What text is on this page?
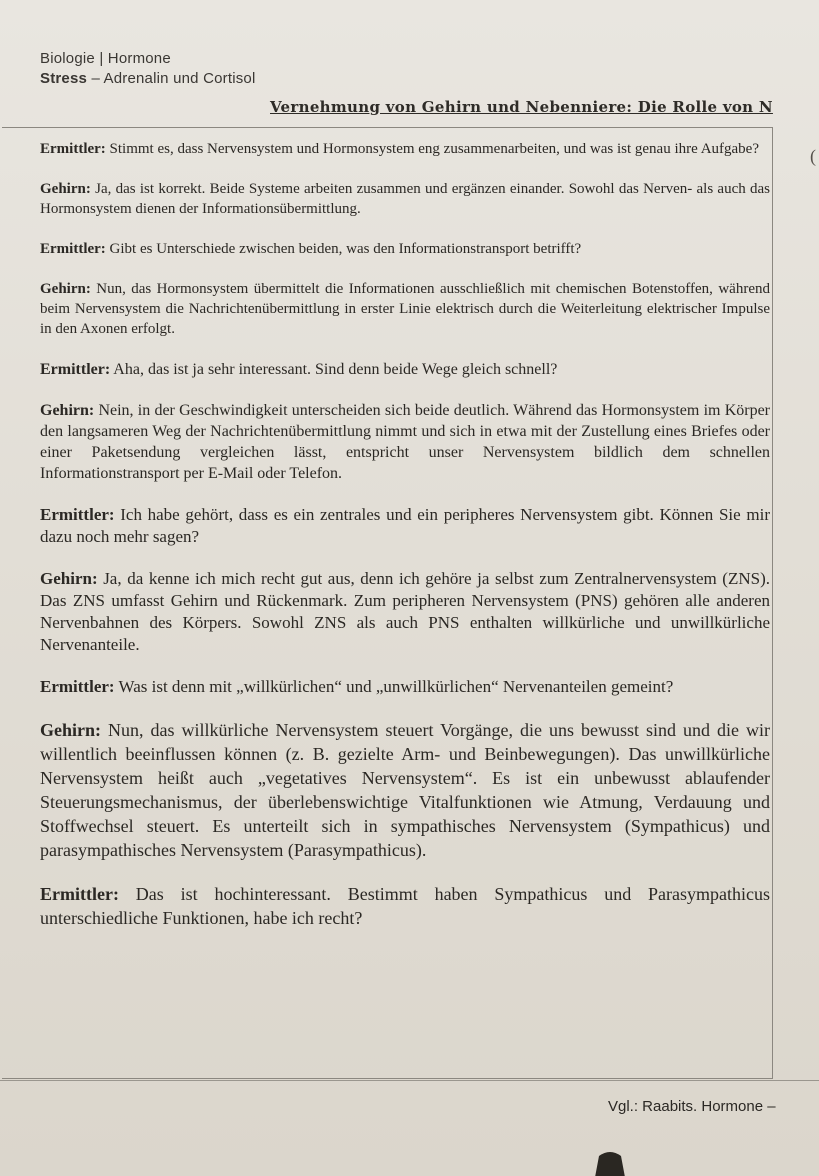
Biologie | Hormone
Stress – Adrenalin und Cortisol
Vernehmung von Gehirn und Nebenniere: Die Rolle von N
(

Ermittler: Stimmt es, dass Nervensystem und Hormonsystem eng zusammenarbeiten, und was ist genau ihre Aufgabe?

Gehirn: Ja, das ist korrekt. Beide Systeme arbeiten zusammen und ergänzen einander. Sowohl das Nerven- als auch das Hormonsystem dienen der Informationsübermittlung.

Ermittler: Gibt es Unterschiede zwischen beiden, was den Informationstransport betrifft?

Gehirn: Nun, das Hormonsystem übermittelt die Informationen ausschließlich mit chemischen Botenstoffen, während beim Nervensystem die Nachrichtenübermittlung in erster Linie elektrisch durch die Weiterleitung elektrischer Impulse in den Axonen erfolgt.

Ermittler: Aha, das ist ja sehr interessant. Sind denn beide Wege gleich schnell?

Gehirn: Nein, in der Geschwindigkeit unterscheiden sich beide deutlich. Während das Hormonsystem im Körper den langsameren Weg der Nachrichtenübermittlung nimmt und sich in etwa mit der Zustellung eines Briefes oder einer Paketsendung vergleichen lässt, entspricht unser Nervensystem bildlich dem schnellen Informationstransport per E-Mail oder Telefon.

Ermittler: Ich habe gehört, dass es ein zentrales und ein peripheres Nervensystem gibt. Können Sie mir dazu noch mehr sagen?

Gehirn: Ja, da kenne ich mich recht gut aus, denn ich gehöre ja selbst zum Zentralnervensystem (ZNS). Das ZNS umfasst Gehirn und Rückenmark. Zum peripheren Nervensystem (PNS) gehören alle anderen Nervenbahnen des Körpers. Sowohl ZNS als auch PNS enthalten willkürliche und unwillkürliche Nervenanteile.

Ermittler: Was ist denn mit „willkürlichen“ und „unwillkürlichen“ Nervenanteilen gemeint?

Gehirn: Nun, das willkürliche Nervensystem steuert Vorgänge, die uns bewusst sind und die wir willentlich beeinflussen können (z. B. gezielte Arm- und Beinbewegungen). Das unwillkürliche Nervensystem heißt auch „vegetatives Nervensystem“. Es ist ein unbewusst ablaufender Steuerungsmechanismus, der überlebenswichtige Vitalfunktionen wie Atmung, Verdauung und Stoffwechsel steuert. Es unterteilt sich in sympathisches Nervensystem (Sympathicus) und parasympathisches Nervensystem (Parasympathicus).

Ermittler: Das ist hochinteressant. Bestimmt haben Sympathicus und Parasympathicus unterschiedliche Funktionen, habe ich recht?

Vgl.: Raabits. Hormone –
